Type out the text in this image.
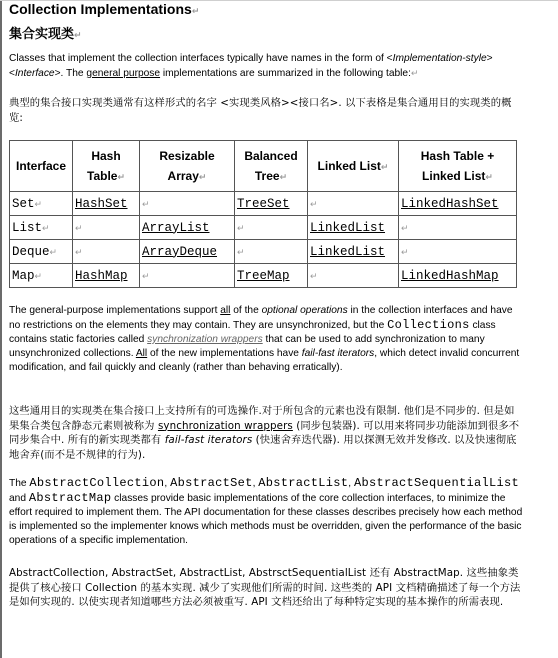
Collection Implementations↵
集合实现类↵
Classes that implement the collection interfaces typically have names in the form of <Implementation-style><Interface>. The general purpose implementations are summarized in the following table:↵
典型的集合接口实现类通常有这样形式的名字 <实现类风格><接口名>. 以下表格是集合通用目的实现类的概览:
Interface	Hash Table↵	Resizable Array↵	Balanced Tree↵	Linked List↵	Hash Table + Linked List↵
Set↵	HashSet	↵	TreeSet	↵	LinkedHashSet
List↵	↵	ArrayList	↵	LinkedList	↵
Deque↵	↵	ArrayDeque	↵	LinkedList	↵
Map↵	HashMap	↵	TreeMap	↵	LinkedHashMap
The general-purpose implementations support all of the optional operations in the collection interfaces and have no restrictions on the elements they may contain. They are unsynchronized, but the Collections class contains static factories called synchronization wrappers that can be used to add synchronization to many unsynchronized collections. All of the new implementations have fail-fast iterators, which detect invalid concurrent modification, and fail quickly and cleanly (rather than behaving erratically).
这些通用目的实现类在集合接口上支持所有的可选操作.对于所包含的元素也没有限制. 他们是不同步的. 但是如果集合类包含静态元素则被称为 synchronization wrappers (同步包装器). 可以用来将同步功能添加到很多不同步集合中. 所有的新实现类都有 fail-fast iterators (快速舍弃迭代器). 用以探测无效并发修改. 以及快速彻底地舍弃(而不是不规律的行为).
The AbstractCollection, AbstractSet, AbstractList, AbstractSequentialList and AbstractMap classes provide basic implementations of the core collection interfaces, to minimize the effort required to implement them. The API documentation for these classes describes precisely how each method is implemented so the implementer knows which methods must be overridden, given the performance of the basic operations of a specific implementation.
AbstractCollection, AbstractSet, AbstractList, AbstrsctSequentialList 还有 AbstractMap. 这些抽象类提供了核心接口 Collection 的基本实现. 减少了实现他们所需的时间. 这些类的 API 文档精确描述了每一个方法是如何实现的. 以使实现者知道哪些方法必须被重写. API 文档还给出了每种特定实现的基本操作的所需表现.
